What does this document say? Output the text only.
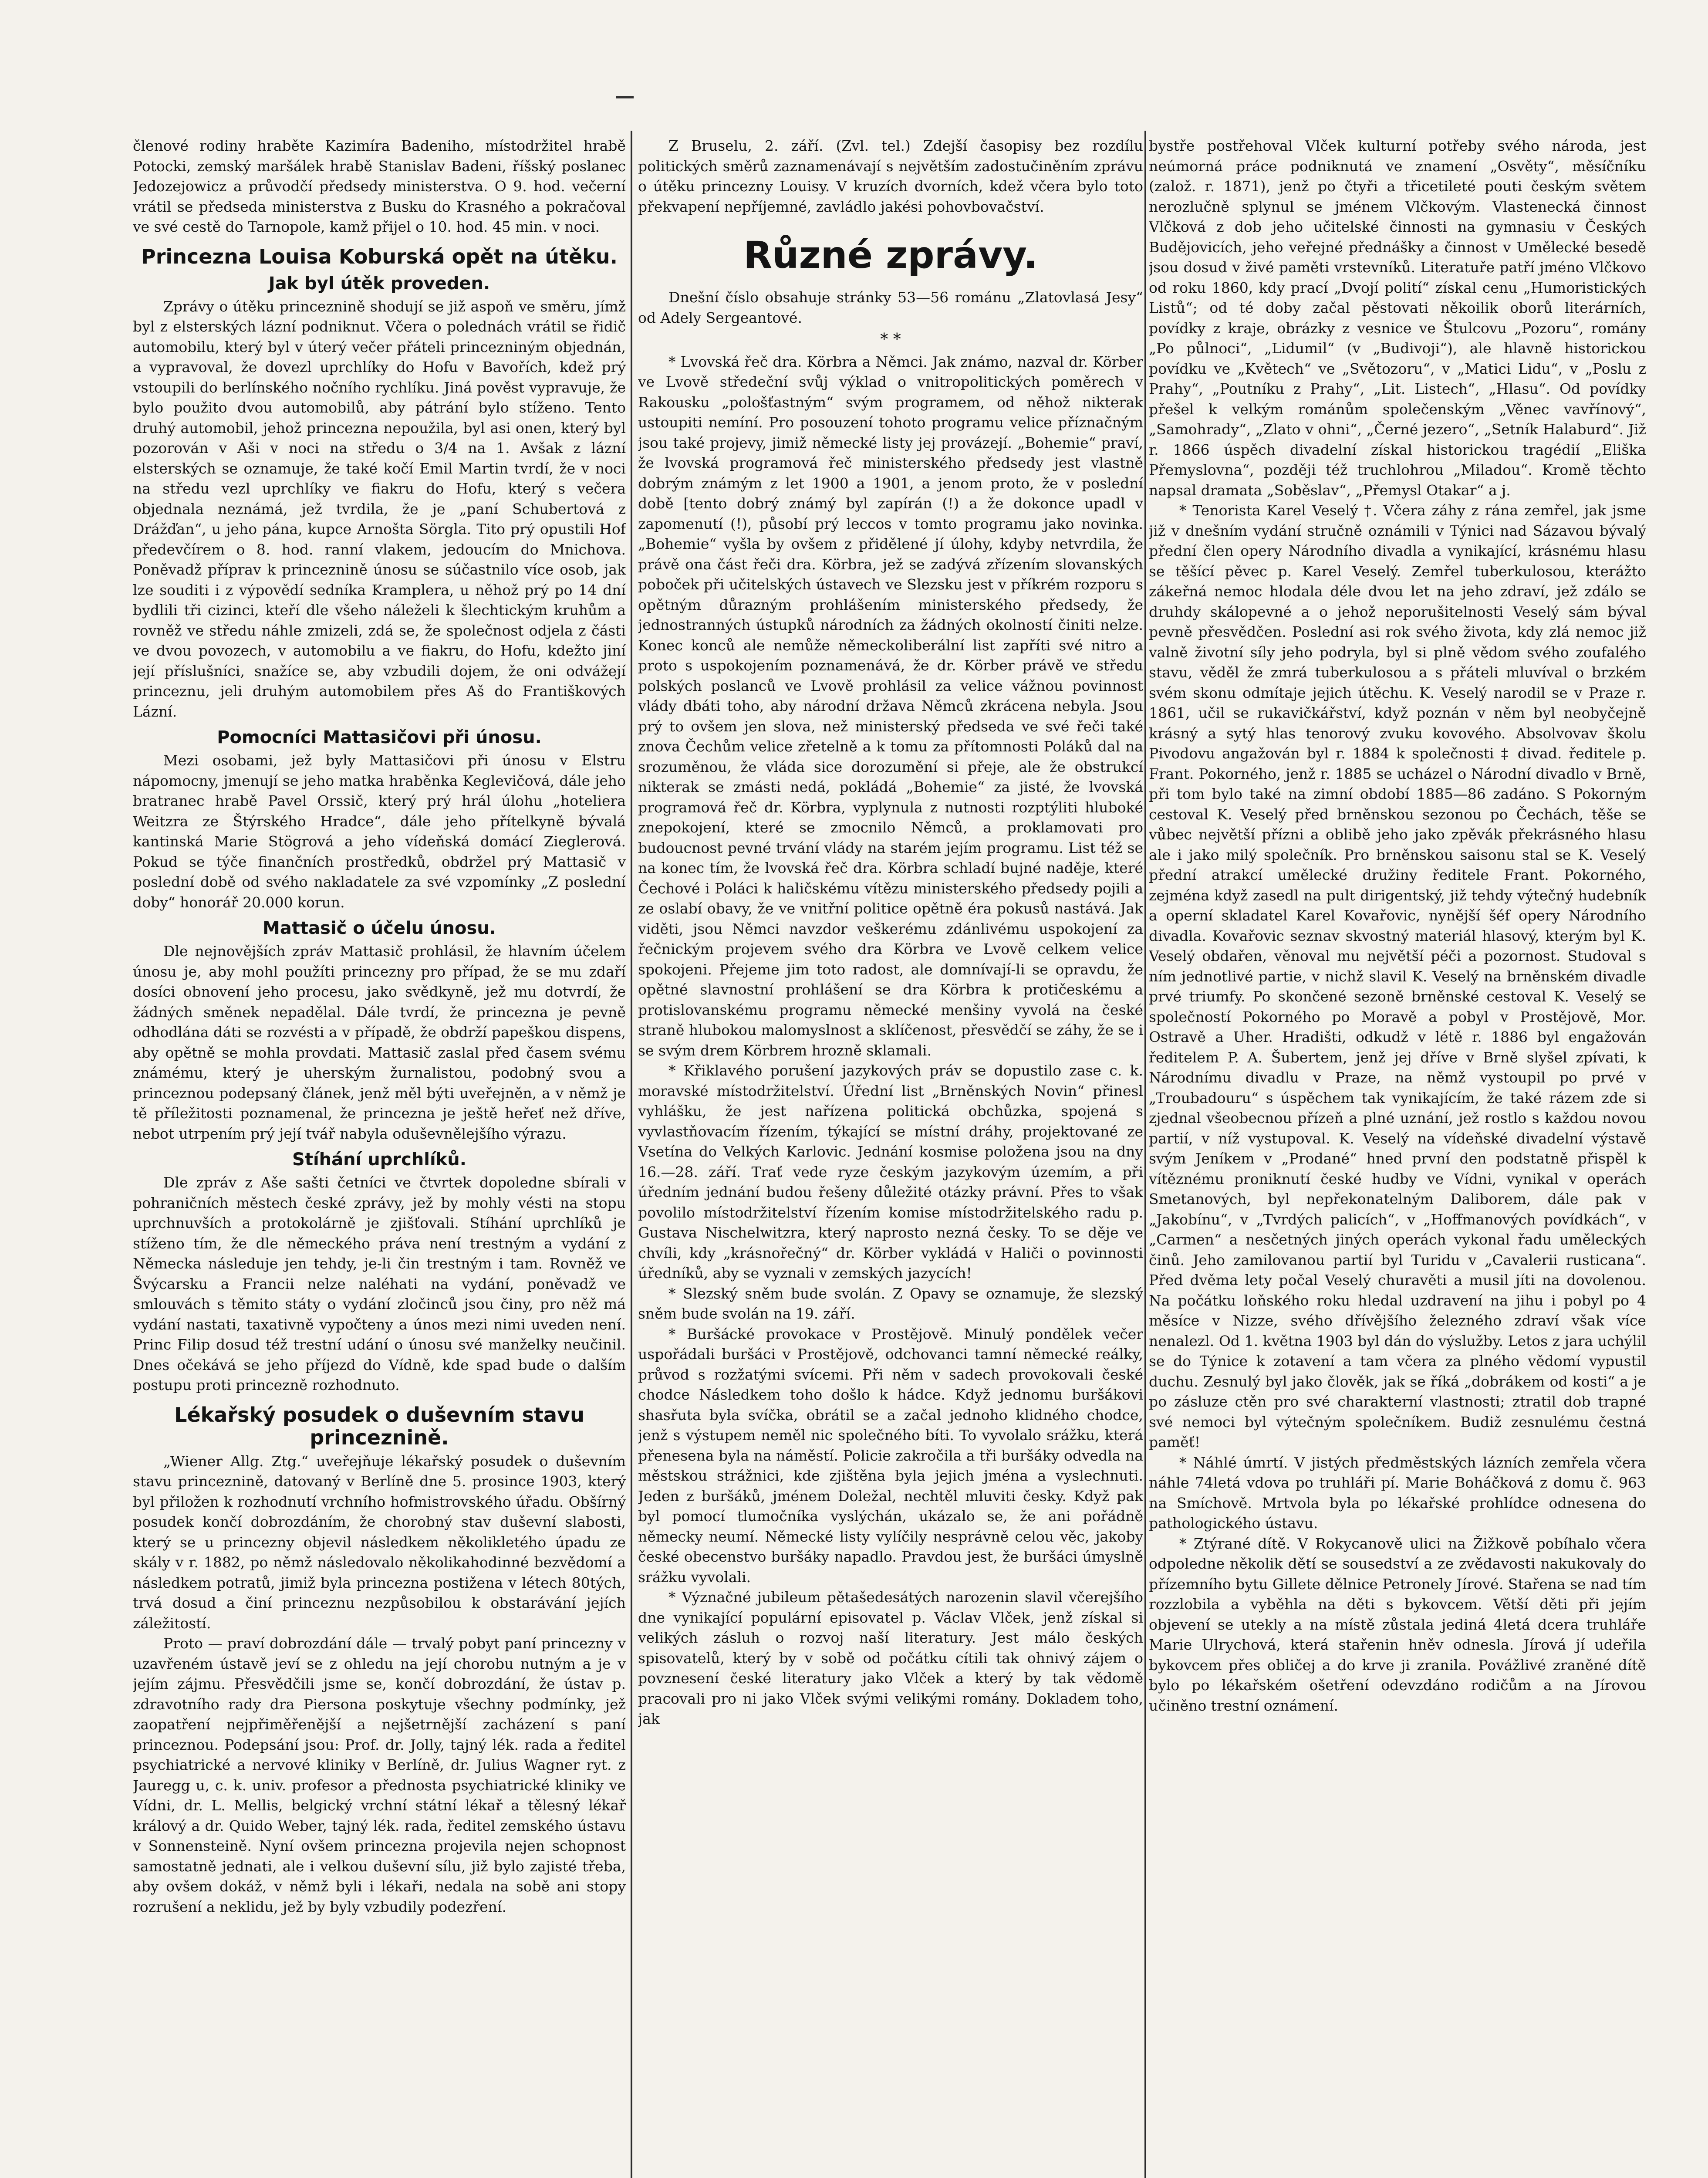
členové rodiny hraběte Kazimíra Badeniho, místodržitel hrabě Potocki, zemský maršálek hrabě Stanislav Badeni, říšský poslanec Jedozejowicz a průvodčí předsedy ministerstva. O 9. hod. večerní vrátil se předseda ministerstva z Busku do Krasného a pokračoval ve své cestě do Tarnopole, kamž přijel o 10. hod. 45 min. v noci.

Princezna Louisa Koburská opět na útěku.
Jak byl útěk proveden.

Zprávy o útěku princeznině shodují se již aspoň ve směru, jímž byl z elsterských lázní podniknut. Včera o polednách vrátil se řidič automobilu, který byl v úterý večer přáteli princezniným objednán, a vypravoval, že dovezl uprchlíky do Hofu v Bavořích, kdež prý vstoupili do berlínského nočního rychlíku. Jiná pověst vypravuje, že bylo použito dvou automobilů, aby pátrání bylo stíženo. Tento druhý automobil, jehož princezna nepoužila, byl asi onen, který byl pozorován v Aši v noci na středu o 3/4 na 1. Avšak z lázní elsterských se oznamuje, že také kočí Emil Martin tvrdí, že v noci na středu vezl uprchlíky ve fiakru do Hofu, který s večera objednala neznámá, jež tvrdila, že je „paní Schubertová z Drážďan“, u jeho pána, kupce Arnošta Sörgla. Tito prý opustili Hof předevčírem o 8. hod. ranní vlakem, jedoucím do Mnichova. Poněvadž příprav k princeznině únosu se súčastnilo více osob, jak lze souditi i z výpovědí sedníka Kramplera, u něhož prý po 14 dní bydlili tři cizinci, kteří dle všeho náleželi k šlechtickým kruhům a rovněž ve středu náhle zmizeli, zdá se, že společnost odjela z části ve dvou povozech, v automobilu a ve fiakru, do Hofu, kdežto jiní její příslušníci, snažíce se, aby vzbudili dojem, že oni odvážejí princeznu, jeli druhým automobilem přes Aš do Františkových Lázní.

Pomocníci Mattasičovi při únosu.

Mezi osobami, jež byly Mattasičovi při únosu v Elstru nápomocny, jmenují se jeho matka hraběnka Keglevičová, dále jeho bratranec hrabě Pavel Orssič, který prý hrál úlohu „hoteliera Weitzra ze Štýrského Hradce“, dále jeho přítelkyně bývalá kantinská Marie Stögrová a jeho vídeňská domácí Zieglerová. Pokud se týče finančních prostředků, obdržel prý Mattasič v poslední době od svého nakladatele za své vzpomínky „Z poslední doby“ honorář 20.000 korun.

Mattasič o účelu únosu.

Dle nejnovějších zpráv Mattasič prohlásil, že hlavním účelem únosu je, aby mohl použíti princezny pro případ, že se mu zdaří dosíci obnovení jeho procesu, jako svědkyně, jež mu dotvrdí, že žádných směnek nepadělal. Dále tvrdí, že princezna je pevně odhodlána dáti se rozvésti a v případě, že obdrží papeškou dispens, aby opětně se mohla provdati. Mattasič zaslal před časem svému známému, který je uherským žurnalistou, podobný svou a princeznou podepsaný článek, jenž měl býti uveřejněn, a v němž je tě příležitosti poznamenal, že princezna je ještě heřeť než dříve, nebot utrpením prý její tvář nabyla oduševnělejšího výrazu.

Stíhání uprchlíků.

Dle zpráv z Aše sašti četníci ve čtvrtek dopoledne sbírali v pohraničních městech české zprávy, jež by mohly vésti na stopu uprchnuvších a protokolárně je zjišťovali. Stíhání uprchlíků je stíženo tím, že dle německého práva není trestným a vydání z Německa následuje jen tehdy, je-li čin trestným i tam. Rovněž ve Švýcarsku a Francii nelze naléhati na vydání, poněvadž ve smlouvách s těmito státy o vydání zločinců jsou činy, pro něž má vydání nastati, taxativně vypočteny a únos mezi nimi uveden není. Princ Filip dosud též trestní udání o únosu své manželky neučinil. Dnes očekává se jeho příjezd do Vídně, kde spad bude o dalším postupu proti princezně rozhodnuto.

Lékařský posudek o duševním stavu princeznině.

„Wiener Allg. Ztg.“ uveřejňuje lékařský posudek o duševním stavu princeznině, datovaný v Berlíně dne 5. prosince 1903, který byl přiložen k rozhodnutí vrchního hofmistrovského úřadu. Obšírný posudek končí dobrozdáním, že chorobný stav duševní slabosti, který se u princezny objevil následkem několikletého úpadu ze skály v r. 1882, po němž následovalo několikahodinné bezvědomí a následkem potratů, jimiž byla princezna postižena v létech 80tých, trvá dosud a činí princeznu nezpůsobilou k obstarávání jejích záležitostí.

Proto — praví dobrozdání dále — trvalý pobyt paní princezny v uzavřeném ústavě jeví se z ohledu na její chorobu nutným a je v jejím zájmu. Přesvědčili jsme se, končí dobrozdání, že ústav p. zdravotního rady dra Piersona poskytuje všechny podmínky, jež zaopatření nejpřiměřenější a nejšetrnější zacházení s paní princeznou. Podepsání jsou: Prof. dr. Jolly, tajný lék. rada a ředitel psychiatrické a nervové kliniky v Berlíně, dr. Julius Wagner ryt. z Jauregg u, c. k. univ. profesor a přednosta psychiatrické kliniky ve Vídni, dr. L. Mellis, belgický vrchní státní lékař a tělesný lékař králový a dr. Quido Weber, tajný lék. rada, ředitel zemského ústavu v Sonnensteině. Nyní ovšem princezna projevila nejen schopnost samostatně jednati, ale i velkou duševní sílu, již bylo zajisté třeba, aby ovšem dokáž, v němž byli i lékaři, nedala na sobě ani stopy rozrušení a neklidu, jež by byly vzbudily podezření.

Z Bruselu, 2. září. (Zvl. tel.) Zdejší časopisy bez rozdílu politických směrů zaznamenávají s největším zadostučiněním zprávu o útěku princezny Louisy. V kruzích dvorních, kdež včera bylo toto překvapení nepříjemné, zavládlo jakési pohovbovačství.

Různé zprávy.

Dnešní číslo obsahuje stránky 53—56 románu „Zlatovlasá Jesy“ od Adely Sergeantové.

* *

* Lvovská řeč dra. Körbra a Němci. Jak známo, nazval dr. Körber ve Lvově středeční svůj výklad o vnitropolitických poměrech v Rakousku „pološťastným“ svým programem, od něhož nikterak ustoupiti nemíní. Pro posouzení tohoto programu velice příznačným jsou také projevy, jimiž německé listy jej provázejí. „Bohemie“ praví, že lvovská programová řeč ministerského předsedy jest vlastně dobrým známým z let 1900 a 1901, a jenom proto, že v poslední době [tento dobrý známý byl zapírán (!) a že dokonce upadl v zapomenutí (!), působí prý leccos v tomto programu jako novinka. „Bohemie“ vyšla by ovšem z přidělené jí úlohy, kdyby netvrdila, že právě ona část řeči dra. Körbra, jež se zadývá zřízením slovanských poboček při učitelských ústavech ve Slezsku jest v příkrém rozporu s opětným důrazným prohlášením ministerského předsedy, že jednostranných ústupků národních za žádných okolností činiti nelze. Konec konců ale nemůže německoliberální list zapříti své nitro a proto s uspokojením poznamenává, že dr. Körber právě ve středu polských poslanců ve Lvově prohlásil za velice vážnou povinnost vlády dbáti toho, aby národní država Němců zkrácena nebyla. Jsou prý to ovšem jen slova, než ministerský předseda ve své řeči také znova Čechům velice zřetelně a k tomu za přítomnosti Poláků dal na srozuměnou, že vláda sice dorozumění si přeje, ale že obstrukcí nikterak se zmásti nedá, pokládá „Bohemie“ za jisté, že lvovská programová řeč dr. Körbra, vyplynula z nutnosti rozptýliti hluboké znepokojení, které se zmocnilo Němců, a proklamovati pro budoucnost pevné trvání vlády na starém jejím programu. List též se na konec tím, že lvovská řeč dra. Körbra schladí bujné naděje, které Čechové i Poláci k haličskému vítězu ministerského předsedy pojili a ze oslabí obavy, že ve vnitřní politice opětně éra pokusů nastává. Jak viděti, jsou Němci navzdor veškerému zdánlivému uspokojení za řečnickým projevem svého dra Körbra ve Lvově celkem velice spokojeni. Přejeme jim toto radost, ale domnívají-li se opravdu, že opětné slavnostní prohlášení se dra Körbra k protičeskému a protislovanskému programu německé menšiny vyvolá na české straně hlubokou malomyslnost a sklíčenost, přesvědčí se záhy, že se i se svým drem Körbrem hrozně sklamali.

* Křiklavého porušení jazykových práv se dopustilo zase c. k. moravské místodržitelství. Úřední list „Brněnských Novin“ přinesl vyhlášku, že jest nařízena politická obchůzka, spojená s vyvlastňovacím řízením, týkající se místní dráhy, projektované ze Vsetína do Velkých Karlovic. Jednání kosmise položena jsou na dny 16.—28. září. Trať vede ryze českým jazykovým územím, a při úředním jednání budou řešeny důležité otázky právní. Přes to však povolilo místodržitelství řízením komise místodržitelského radu p. Gustava Nischelwitzra, který naprosto nezná česky. To se děje ve chvíli, kdy „krásnořečný“ dr. Körber vykládá v Haliči o povinnosti úředníků, aby se vyznali v zemských jazycích!

* Slezský sněm bude svolán. Z Opavy se oznamuje, že slezský sněm bude svolán na 19. září.

* Buršácké provokace v Prostějově. Minulý pondělek večer uspořádali buršáci v Prostějově, odchovanci tamní německé reálky, průvod s rozžatými svícemi. Při něm v sadech provokovali české chodce Následkem toho došlo k hádce. Když jednomu buršákovi shasřuta byla svíčka, obrátil se a začal jednoho klidného chodce, jenž s výstupem neměl nic společného bíti. To vyvolalo srážku, která přenesena byla na náměstí. Policie zakročila a tři buršáky odvedla na městskou strážnici, kde zjištěna byla jejich jména a vyslechnuti. Jeden z buršáků, jménem Doležal, nechtěl mluviti česky. Když pak byl pomocí tlumočníka vyslýchán, ukázalo se, že ani pořádně německy neumí. Německé listy vylíčily nesprávně celou věc, jakoby české obecenstvo buršáky napadlo. Pravdou jest, že buršáci úmyslně srážku vyvolali.

* Význačné jubileum pětašedesátých narozenin slavil včerejšího dne vynikající populární episovatel p. Václav Vlček, jenž získal si velikých zásluh o rozvoj naší literatury. Jest málo českých spisovatelů, který by v sobě od počátku cítili tak ohnivý zájem o povznesení české literatury jako Vlček a který by tak vědomě pracovali pro ni jako Vlček svými velikými romány. Dokladem toho, jak

bystře postřehoval Vlček kulturní potřeby svého národa, jest neúmorná práce podniknutá ve znamení „Osvěty“, měsíčníku (založ. r. 1871), jenž po čtyři a třicetileté pouti českým světem nerozlučně splynul se jménem Vlčkovým. Vlastenecká činnost Vlčková z dob jeho učitelské činnosti na gymnasiu v Českých Budějovicích, jeho veřejné přednášky a činnost v Umělecké besedě jsou dosud v živé paměti vrstevníků. Literatuře patří jméno Vlčkovo od roku 1860, kdy prací „Dvojí polití“ získal cenu „Humoristických Listů“; od té doby začal pěstovati někoilik oborů literárních, povídky z kraje, obrázky z vesnice ve Štulcovu „Pozoru“, romány „Po půlnoci“, „Lidumil“ (v „Budivoji“), ale hlavně historickou povídku ve „Květech“ ve „Světozoru“, v „Matici Lidu“, v „Poslu z Prahy“, „Poutníku z Prahy“, „Lit. Listech“, „Hlasu“. Od povídky přešel k velkým románům společenským „Věnec vavřínový“, „Samohrady“, „Zlato v ohni“, „Černé jezero“, „Setník Halaburd“. Již r. 1866 úspěch divadelní získal historickou tragédií „Eliška Přemyslovna“, později též truchlohrou „Miladou“. Kromě těchto napsal dramata „Soběslav“, „Přemysl Otakar“ a j.

* Tenorista Karel Veselý †. Včera záhy z rána zemřel, jak jsme již v dnešním vydání stručně oznámili v Týnici nad Sázavou bývalý přední člen opery Národního divadla a vynikající, krásnému hlasu se těšící pěvec p. Karel Veselý. Zemřel tuberkulosou, kterážto zákeřná nemoc hlodala déle dvou let na jeho zdraví, jež zdálo se druhdy skálopevné a o jehož neporušitelnosti Veselý sám býval pevně přesvědčen. Poslední asi rok svého života, kdy zlá nemoc již valně životní síly jeho podryla, byl si plně vědom svého zoufalého stavu, věděl že zmrá tuberkulosou a s přáteli mluvíval o brzkém svém skonu odmítaje jejich útěchu. K. Veselý narodil se v Praze r. 1861, učil se rukavičkářství, když poznán v něm byl neobyčejně krásný a sytý hlas tenorový zvuku kovového. Absolvovav školu Pivodovu angažován byl r. 1884 k společnosti ‡ divad. ředitele p. Frant. Pokorného, jenž r. 1885 se ucházel o Národní divadlo v Brně, při tom bylo také na zimní období 1885—86 zadáno. S Pokorným cestoval K. Veselý před brněnskou sezonou po Čechách, těše se vůbec největší přízni a oblibě jeho jako zpěvák překrásného hlasu ale i jako milý společník. Pro brněnskou saisonu stal se K. Veselý přední atrakcí umělecké družiny ředitele Frant. Pokorného, zejména když zasedl na pult dirigentský, již tehdy výtečný hudebník a operní skladatel Karel Kovařovic, nynější šéf opery Národního divadla. Kovařovic seznav skvostný materiál hlasový, kterým byl K. Veselý obdařen, věnoval mu největší péči a pozornost. Studoval s ním jednotlivé partie, v nichž slavil K. Veselý na brněnském divadle prvé triumfy. Po skončené sezoně brněnské cestoval K. Veselý se společností Pokorného po Moravě a pobyl v Prostějově, Mor. Ostravě a Uher. Hradišti, odkudž v létě r. 1886 byl engažován ředitelem P. A. Šubertem, jenž jej dříve v Brně slyšel zpívati, k Národnímu divadlu v Praze, na němž vystoupil po prvé v „Troubadouru“ s úspěchem tak vynikajícím, že také rázem zde si zjednal všeobecnou přízeň a plné uznání, jež rostlo s každou novou partií, v níž vystupoval. K. Veselý na vídeňské divadelní výstavě svým Jeníkem v „Prodané“ hned první den podstatně přispěl k vítěznému proniknutí české hudby ve Vídni, vynikal v operách Smetanových, byl nepřekonatelným Daliborem, dále pak v „Jakobínu“, v „Tvrdých palicích“, v „Hoffmanových povídkách“, v „Carmen“ a nesčetných jiných operách vykonal řadu uměleckých činů. Jeho zamilovanou partií byl Turidu v „Cavalerii rusticana“. Před dvěma lety počal Veselý churavěti a musil jíti na dovolenou. Na počátku loňského roku hledal uzdravení na jihu i pobyl po 4 měsíce v Nizze, svého dřívějšího železného zdraví však více nenalezl. Od 1. května 1903 byl dán do výslužby. Letos z jara uchýlil se do Týnice k zotavení a tam včera za plného vědomí vypustil duchu. Zesnulý byl jako člověk, jak se říká „dobrákem od kosti“ a je po zásluze ctěn pro své charakterní vlastnosti; ztratil dob trapné své nemoci byl výtečným společníkem. Budiž zesnulému čestná paměť!

* Náhlé úmrtí. V jistých předměstských lázních zemřela včera náhle 74letá vdova po truhláři pí. Marie Boháčková z domu č. 963 na Smíchově. Mrtvola byla po lékařské prohlídce odnesena do pathologického ústavu.

* Ztýrané dítě. V Rokycanově ulici na Žižkově pobíhalo včera odpoledne několik dětí se sousedství a ze zvědavosti nakukovaly do přízemního bytu Gillete dělnice Petronely Jírové. Stařena se nad tím rozzlobila a vyběhla na děti s bykovcem. Větší děti při jejím objevení se utekly a na místě zůstala jediná 4letá dcera truhláře Marie Ulrychová, která stařenin hněv odnesla. Jírová jí udeřila bykovcem přes obličej a do krve ji zranila. Povážlivé zraněné dítě bylo po lékařském ošetření odevzdáno rodičům a na Jírovou učiněno trestní oznámení.
